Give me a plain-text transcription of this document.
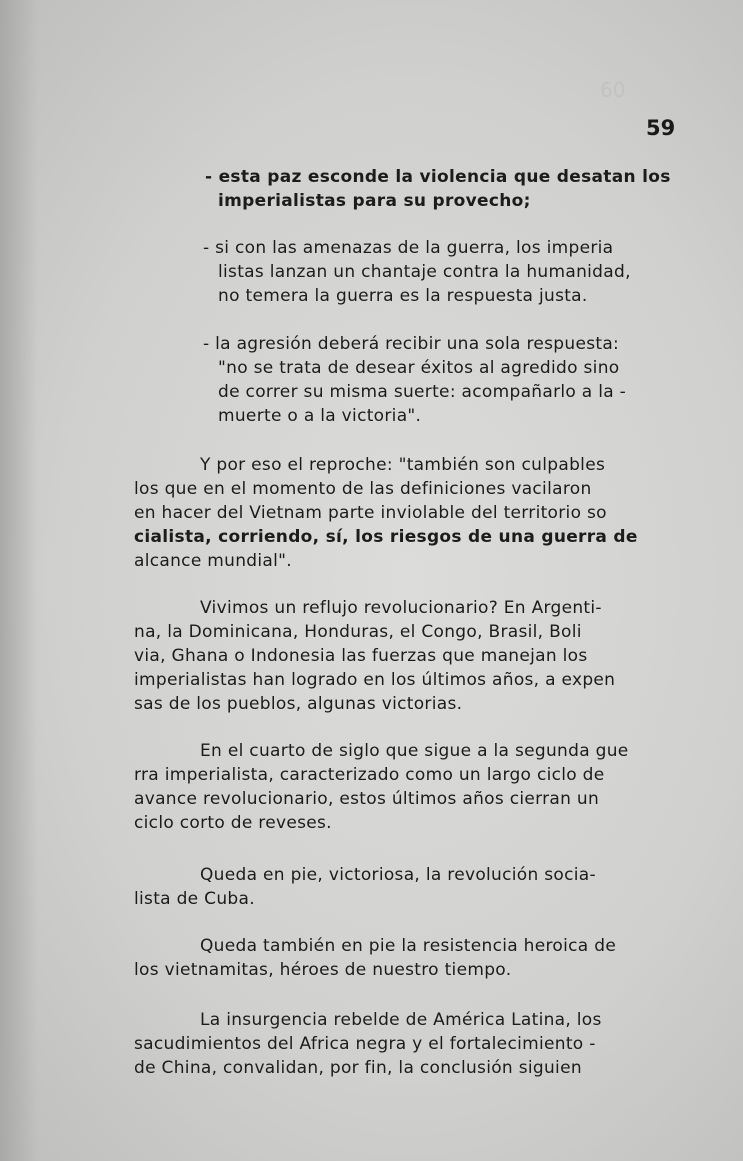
60
59
- esta paz esconde la violencia que desatan los
imperialistas para su provecho;
- si con las amenazas de la guerra, los imperia
listas lanzan un chantaje contra la humanidad,
no temera la guerra es la respuesta justa.
- la agresión deberá recibir una sola respuesta:
"no se trata de desear éxitos al agredido sino
de correr su misma suerte: acompañarlo a la -
muerte o a la victoria".
Y por eso el reproche: "también son culpables
los que en el momento de las definiciones vacilaron
en hacer del Vietnam parte inviolable del territorio so
cialista, corriendo, sí, los riesgos de una guerra de
alcance mundial".
Vivimos un reflujo revolucionario? En Argenti-
na, la Dominicana, Honduras, el Congo, Brasil, Boli
via, Ghana o Indonesia las fuerzas que manejan los
imperialistas han logrado en los últimos años, a expen
sas de los pueblos, algunas victorias.
En el cuarto de siglo que sigue a la segunda gue
rra imperialista, caracterizado como un largo ciclo de
avance revolucionario, estos últimos años cierran un
ciclo corto de reveses.
Queda en pie, victoriosa, la revolución socia-
lista de Cuba.
Queda también en pie la resistencia heroica de
los vietnamitas, héroes de nuestro tiempo.
La insurgencia rebelde de América Latina, los
sacudimientos del Africa negra y el fortalecimiento -
de China, convalidan, por fin, la conclusión siguien
